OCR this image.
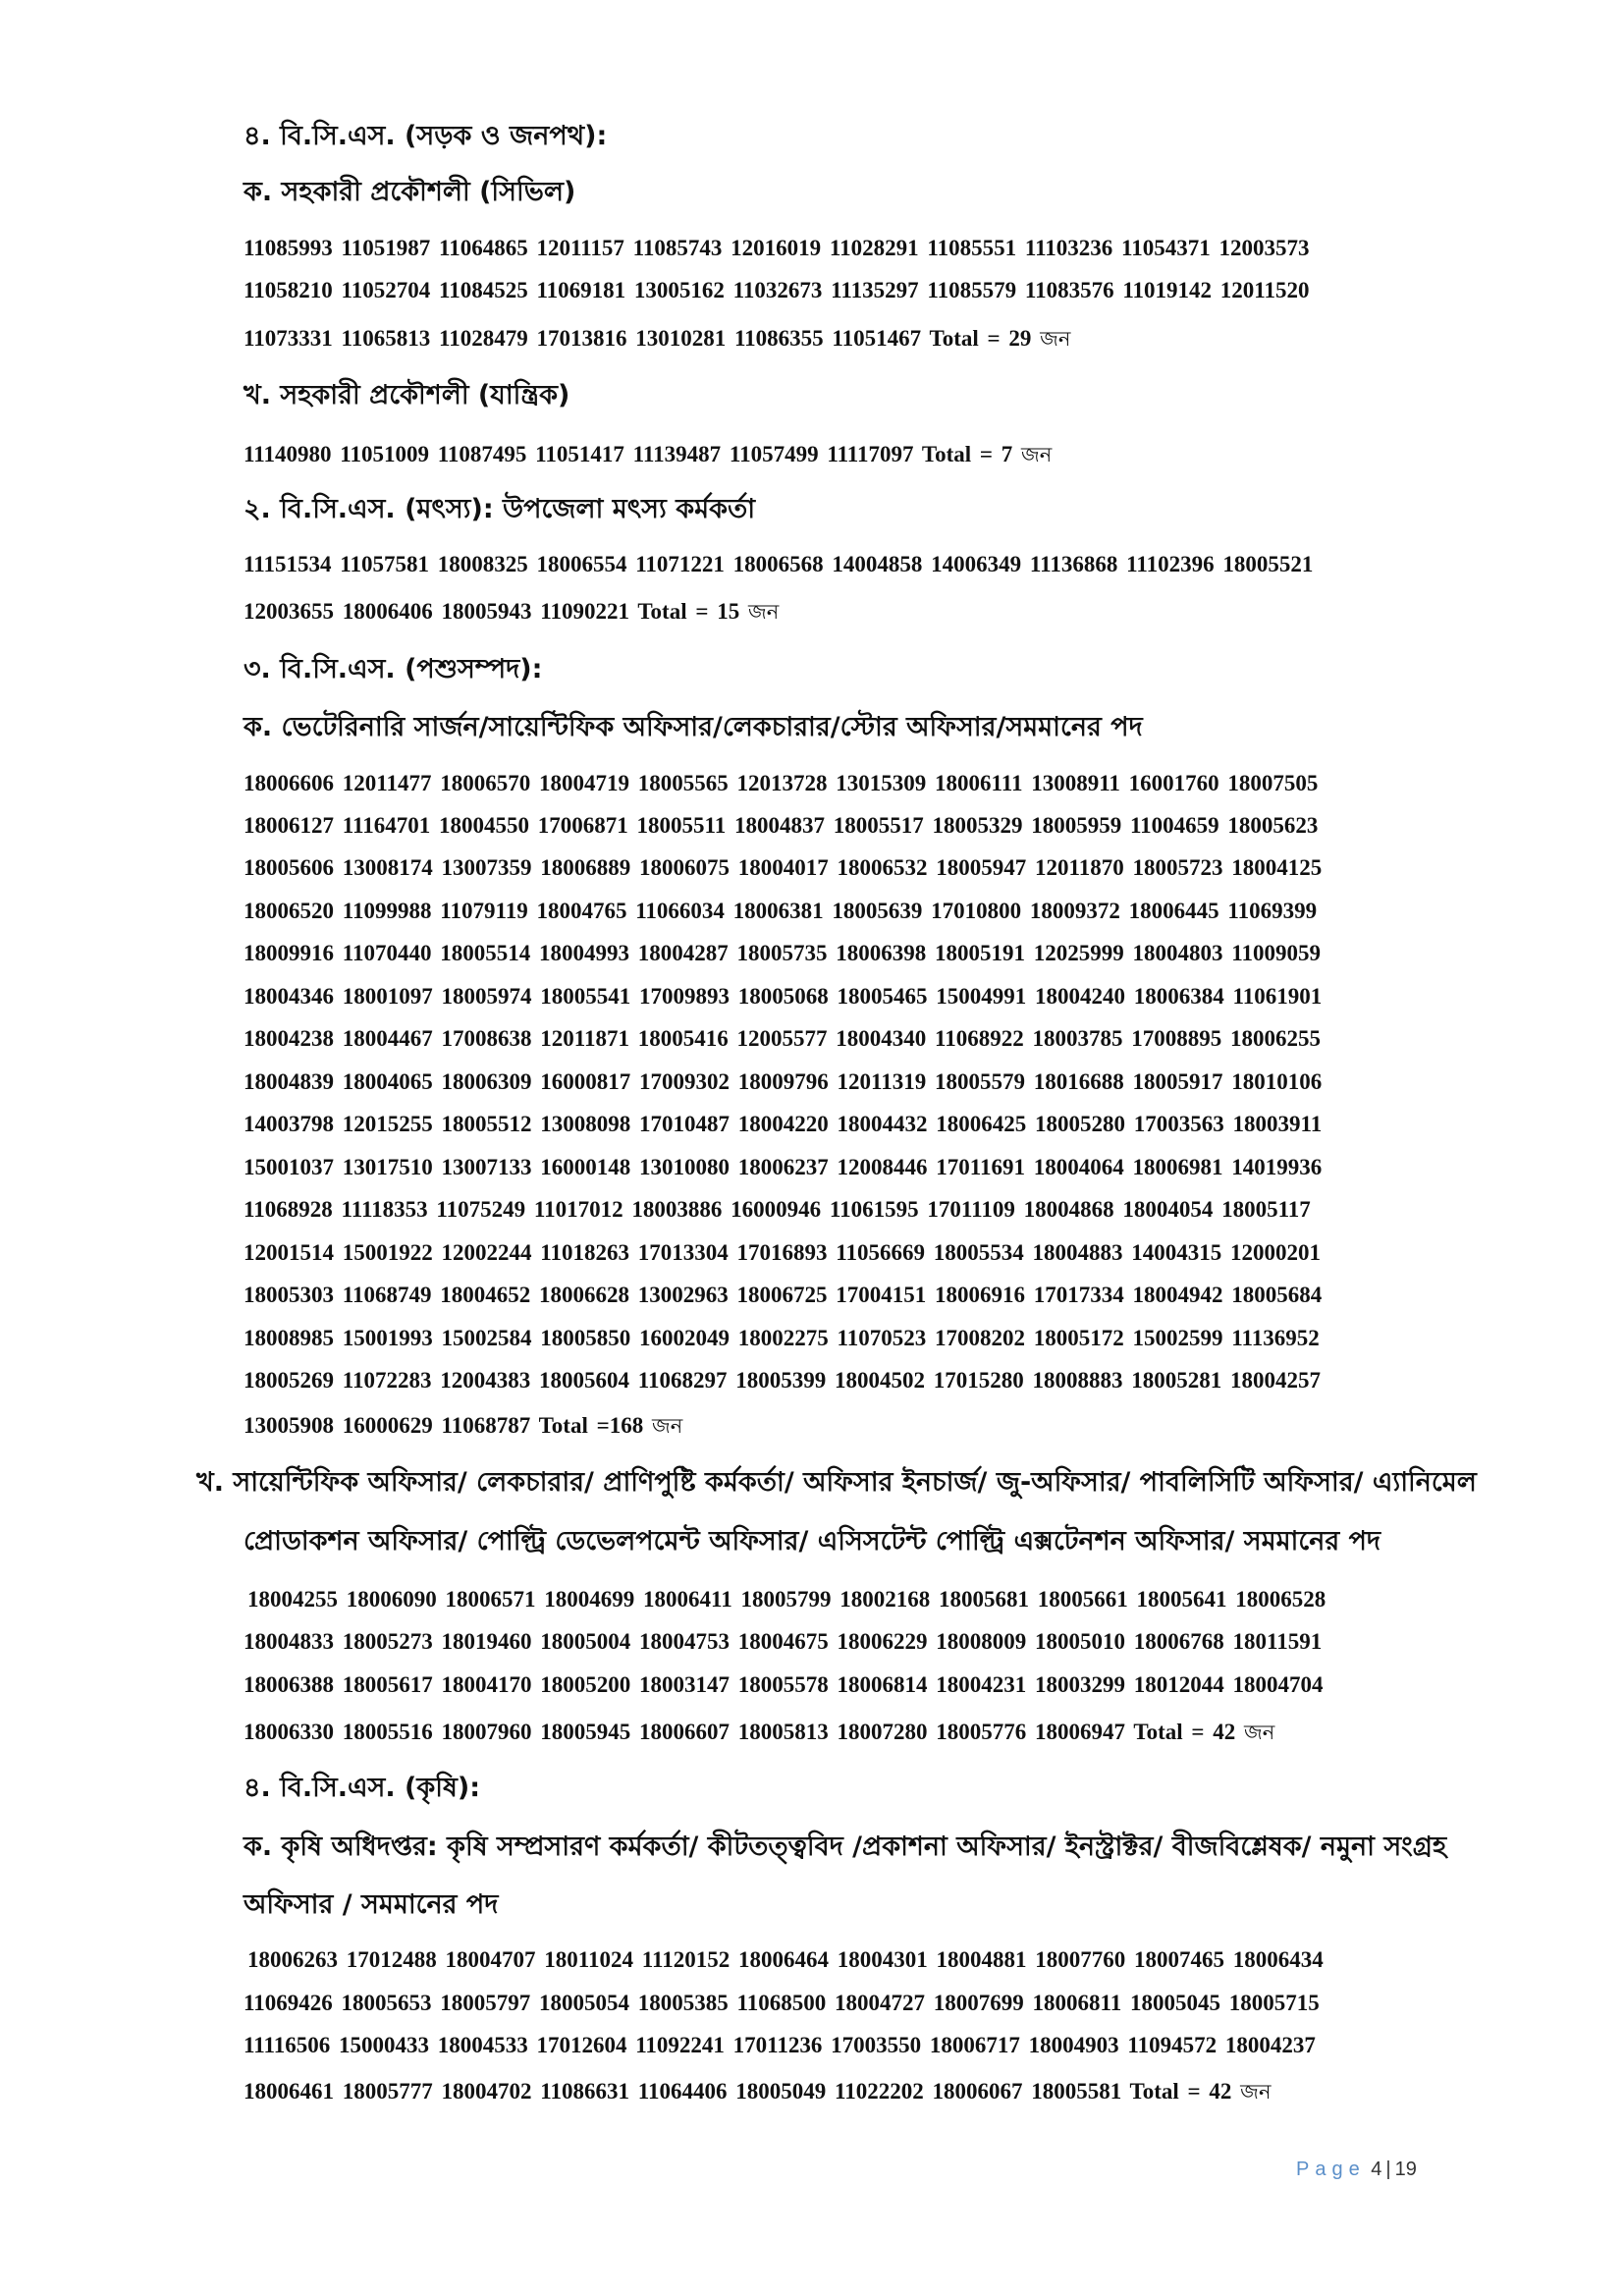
৪. বি.সি.এস. (সড়ক ও জনপথ):
ক. সহকারী প্রকৌশলী (সিভিল)
11085993 11051987 11064865 12011157 11085743 12016019 11028291 11085551 11103236 11054371 12003573
11058210 11052704 11084525 11069181 13005162 11032673 11135297 11085579 11083576 11019142 12011520
11073331 11065813 11028479 17013816 13010281 11086355 11051467 Total = 29 জন
খ. সহকারী প্রকৌশলী (যান্ত্রিক)
11140980 11051009 11087495 11051417 11139487 11057499 11117097 Total = 7 জন
২. বি.সি.এস. (মৎস্য): উপজেলা মৎস্য কর্মকর্তা
11151534 11057581 18008325 18006554 11071221 18006568 14004858 14006349 11136868 11102396 18005521
12003655 18006406 18005943 11090221 Total = 15 জন
৩. বি.সি.এস. (পশুসম্পদ):
ক. ভেটেরিনারি সার্জন/সায়েন্টিফিক অফিসার/লেকচারার/স্টোর অফিসার/সমমানের পদ
18006606 12011477 18006570 18004719 18005565 12013728 13015309 18006111 13008911 16001760 18007505
18006127 11164701 18004550 17006871 18005511 18004837 18005517 18005329 18005959 11004659 18005623
18005606 13008174 13007359 18006889 18006075 18004017 18006532 18005947 12011870 18005723 18004125
18006520 11099988 11079119 18004765 11066034 18006381 18005639 17010800 18009372 18006445 11069399
18009916 11070440 18005514 18004993 18004287 18005735 18006398 18005191 12025999 18004803 11009059
18004346 18001097 18005974 18005541 17009893 18005068 18005465 15004991 18004240 18006384 11061901
18004238 18004467 17008638 12011871 18005416 12005577 18004340 11068922 18003785 17008895 18006255
18004839 18004065 18006309 16000817 17009302 18009796 12011319 18005579 18016688 18005917 18010106
14003798 12015255 18005512 13008098 17010487 18004220 18004432 18006425 18005280 17003563 18003911
15001037 13017510 13007133 16000148 13010080 18006237 12008446 17011691 18004064 18006981 14019936
11068928 11118353 11075249 11017012 18003886 16000946 11061595 17011109 18004868 18004054 18005117
12001514 15001922 12002244 11018263 17013304 17016893 11056669 18005534 18004883 14004315 12000201
18005303 11068749 18004652 18006628 13002963 18006725 17004151 18006916 17017334 18004942 18005684
18008985 15001993 15002584 18005850 16002049 18002275 11070523 17008202 18005172 15002599 11136952
18005269 11072283 12004383 18005604 11068297 18005399 18004502 17015280 18008883 18005281 18004257
13005908 16000629 11068787 Total =168 জন
খ. সায়েন্টিফিক অফিসার/ লেকচারার/ প্রাণিপুষ্টি কর্মকর্তা/ অফিসার ইনচার্জ/ জু-অফিসার/ পাবলিসিটি অফিসার/ এ্যানিমেল
প্রোডাকশন অফিসার/ পোল্ট্রি ডেভেলপমেন্ট অফিসার/ এসিসটেন্ট পোল্ট্রি এক্সটেনশন অফিসার/ সমমানের পদ
18004255 18006090 18006571 18004699 18006411 18005799 18002168 18005681 18005661 18005641 18006528
18004833 18005273 18019460 18005004 18004753 18004675 18006229 18008009 18005010 18006768 18011591
18006388 18005617 18004170 18005200 18003147 18005578 18006814 18004231 18003299 18012044 18004704
18006330 18005516 18007960 18005945 18006607 18005813 18007280 18005776 18006947 Total = 42 জন
৪. বি.সি.এস. (কৃষি):
ক. কৃষি অধিদপ্তর: কৃষি সম্প্রসারণ কর্মকর্তা/ কীটতত্ত্ববিদ /প্রকাশনা অফিসার/ ইনস্ট্রাক্টর/ বীজবিশ্লেষক/ নমুনা সংগ্রহ
অফিসার / সমমানের পদ
18006263 17012488 18004707 18011024 11120152 18006464 18004301 18004881 18007760 18007465 18006434
11069426 18005653 18005797 18005054 18005385 11068500 18004727 18007699 18006811 18005045 18005715
11116506 15000433 18004533 17012604 11092241 17011236 17003550 18006717 18004903 11094572 18004237
18006461 18005777 18004702 11086631 11064406 18005049 11022202 18006067 18005581 Total = 42 জন
Page 4 | 19
